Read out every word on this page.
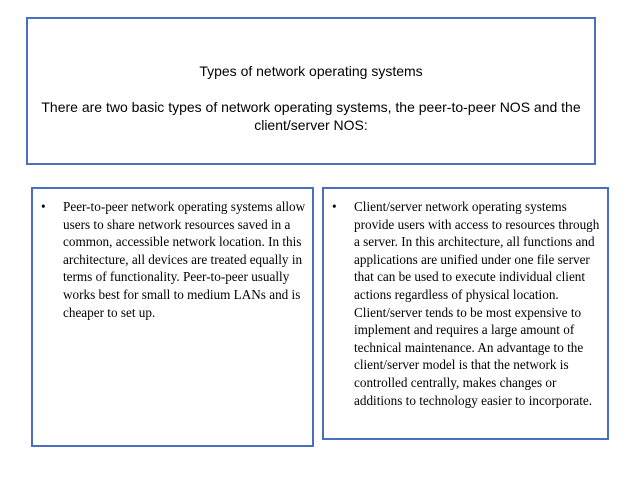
Types of network operating systems
There are two basic types of network operating systems, the peer-to-peer NOS and the client/server NOS:
• Peer-to-peer network operating systems allow users to share network resources saved in a common, accessible network location. In this architecture, all devices are treated equally in terms of functionality. Peer-to-peer usually works best for small to medium LANs and is cheaper to set up.
• Client/server network operating systems provide users with access to resources through a server. In this architecture, all functions and applications are unified under one file server that can be used to execute individual client actions regardless of physical location. Client/server tends to be most expensive to implement and requires a large amount of technical maintenance. An advantage to the client/server model is that the network is controlled centrally, makes changes or additions to technology easier to incorporate.
